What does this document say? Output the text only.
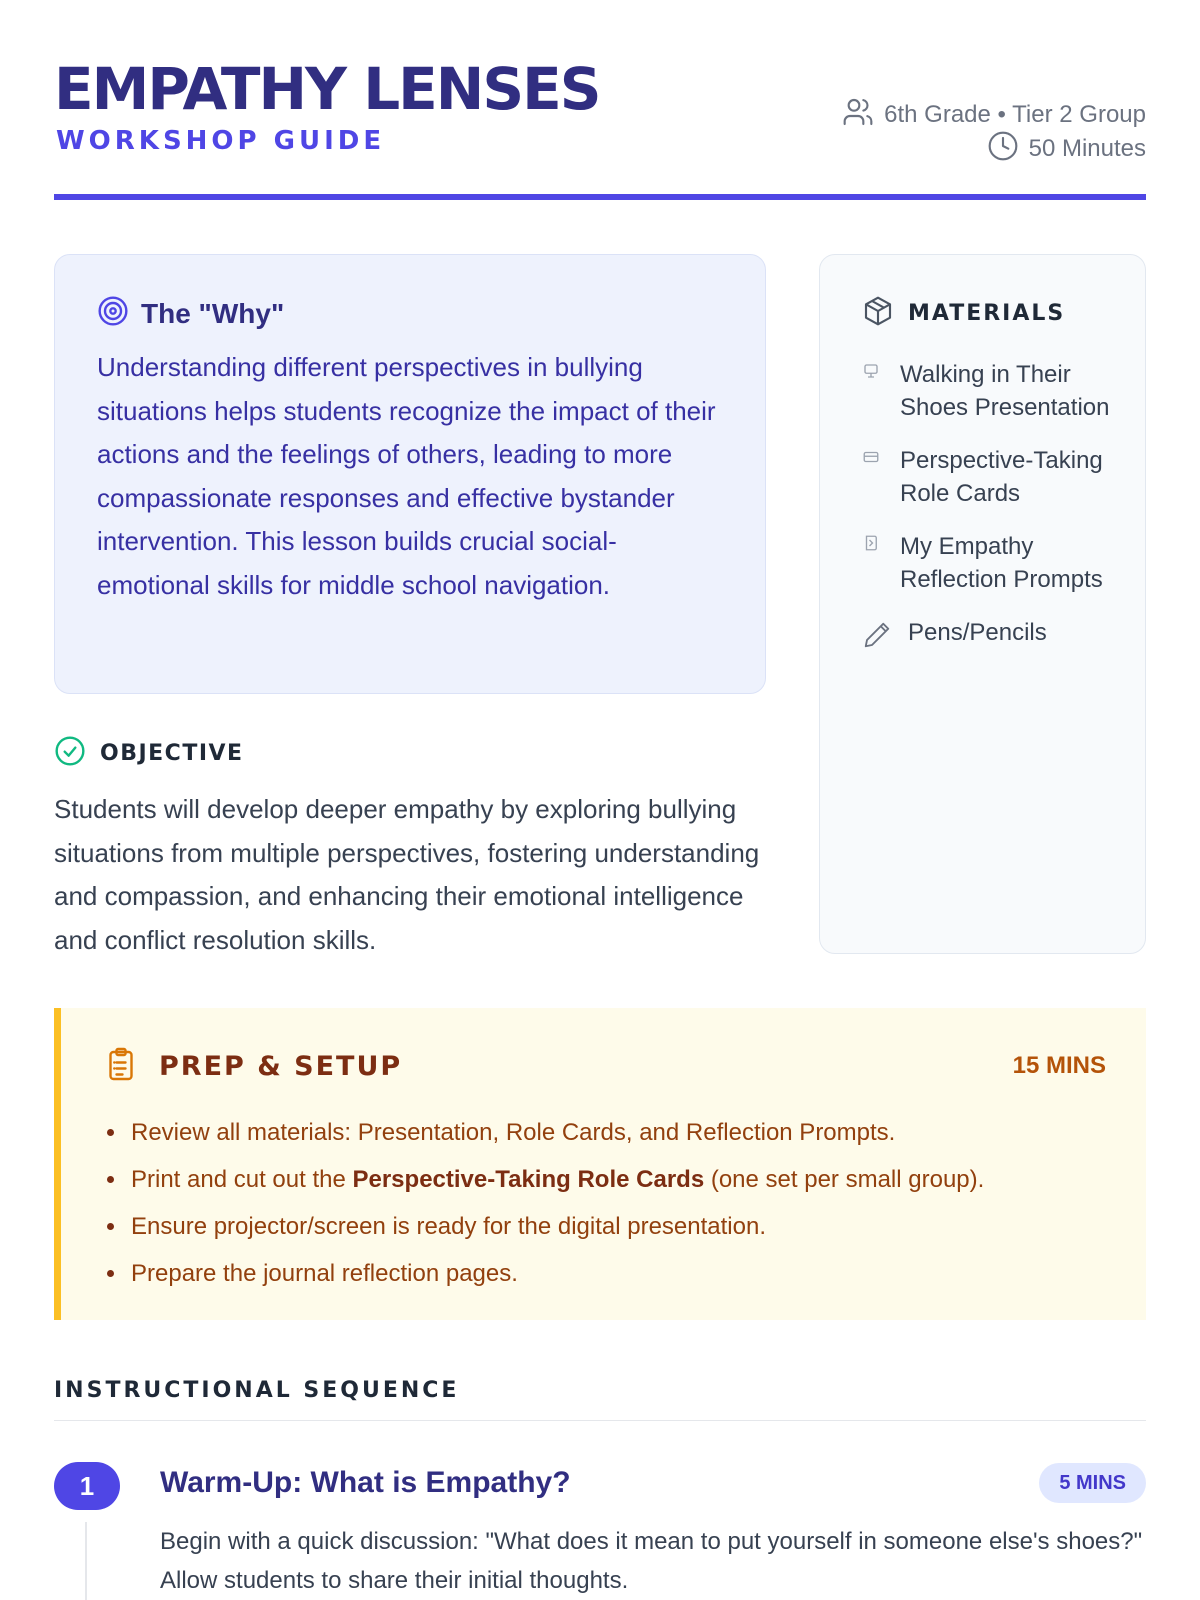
EMPATHY LENSES
WORKSHOP GUIDE
6th Grade • Tier 2 Group
50 Minutes
The "Why"
Understanding different perspectives in bullying situations helps students recognize the impact of their actions and the feelings of others, leading to more compassionate responses and effective bystander intervention. This lesson builds crucial social-emotional skills for middle school navigation.
MATERIALS
Walking in Their Shoes Presentation
Perspective-Taking Role Cards
My Empathy Reflection Prompts
Pens/Pencils
OBJECTIVE
Students will develop deeper empathy by exploring bullying situations from multiple perspectives, fostering understanding and compassion, and enhancing their emotional intelligence and conflict resolution skills.
PREP & SETUP	15 MINS
Review all materials: Presentation, Role Cards, and Reflection Prompts.
Print and cut out the Perspective-Taking Role Cards (one set per small group).
Ensure projector/screen is ready for the digital presentation.
Prepare the journal reflection pages.
INSTRUCTIONAL SEQUENCE
1	Warm-Up: What is Empathy?	5 MINS
Begin with a quick discussion: "What does it mean to put yourself in someone else's shoes?" Allow students to share their initial thoughts.
